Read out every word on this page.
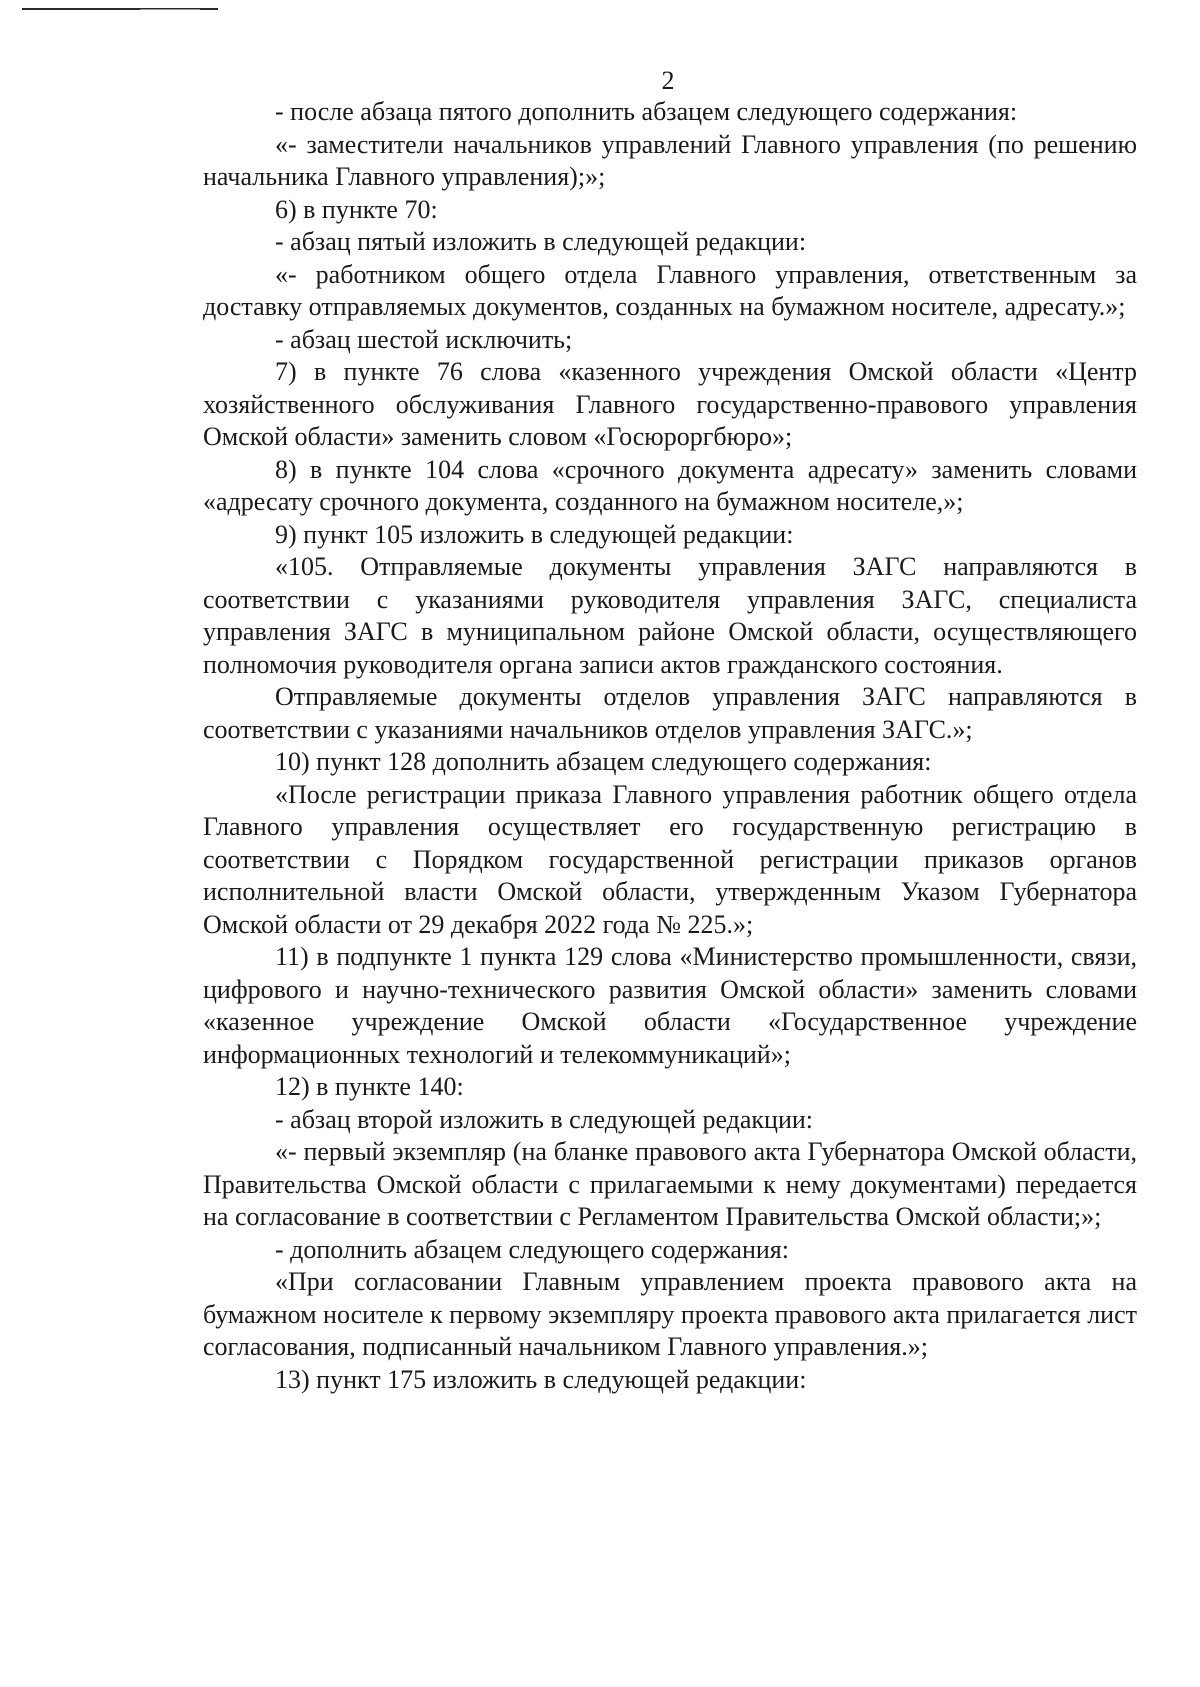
2

- после абзаца пятого дополнить абзацем следующего содержания:

«- заместители начальников управлений Главного управления (по решению начальника Главного управления);»;

6) в пункте 70:

- абзац пятый изложить в следующей редакции:

«- работником общего отдела Главного управления, ответственным за доставку отправляемых документов, созданных на бумажном носителе, адресату.»;

- абзац шестой исключить;

7) в пункте 76 слова «казенного учреждения Омской области «Центр хозяйственного обслуживания Главного государственно-правового управления Омской области» заменить словом «Госюроргбюро»;

8) в пункте 104 слова «срочного документа адресату» заменить словами «адресату срочного документа, созданного на бумажном носителе,»;

9) пункт 105 изложить в следующей редакции:

«105. Отправляемые документы управления ЗАГС направляются в соответствии с указаниями руководителя управления ЗАГС, специалиста управления ЗАГС в муниципальном районе Омской области, осуществляющего полномочия руководителя органа записи актов гражданского состояния.

Отправляемые документы отделов управления ЗАГС направляются в соответствии с указаниями начальников отделов управления ЗАГС.»;

10) пункт 128 дополнить абзацем следующего содержания:

«После регистрации приказа Главного управления работник общего отдела Главного управления осуществляет его государственную регистрацию в соответствии с Порядком государственной регистрации приказов органов исполнительной власти Омской области, утвержденным Указом Губернатора Омской области от 29 декабря 2022 года № 225.»;

11) в подпункте 1 пункта 129 слова «Министерство промышленности, связи, цифрового и научно-технического развития Омской области» заменить словами «казенное учреждение Омской области «Государственное учреждение информационных технологий и телекоммуникаций»;

12) в пункте 140:

- абзац второй изложить в следующей редакции:

«- первый экземпляр (на бланке правового акта Губернатора Омской области, Правительства Омской области с прилагаемыми к нему документами) передается на согласование в соответствии с Регламентом Правительства Омской области;»;

- дополнить абзацем следующего содержания:

«При согласовании Главным управлением проекта правового акта на бумажном носителе к первому экземпляру проекта правового акта прилагается лист согласования, подписанный начальником Главного управления.»;

13) пункт 175 изложить в следующей редакции:
